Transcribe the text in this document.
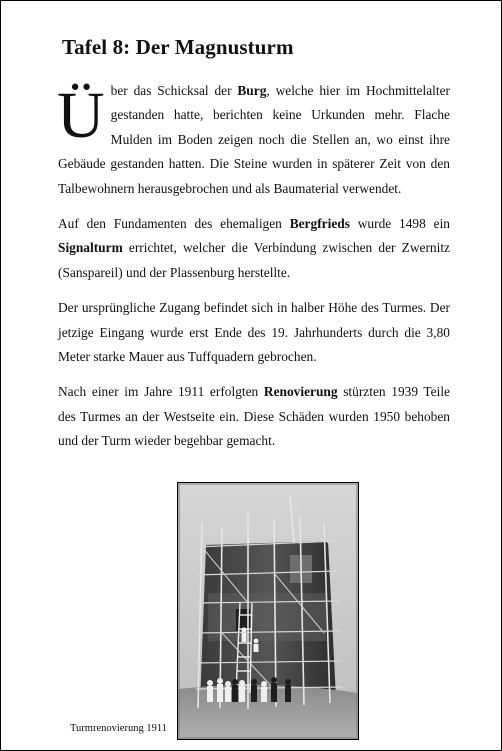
Tafel 8: Der Magnusturm

Über das Schicksal der Burg, welche hier im Hochmittelalter gestanden hatte, berichten keine Urkunden mehr. Flache Mulden im Boden zeigen noch die Stellen an, wo einst ihre Gebäude gestanden hatten. Die Steine wurden in späterer Zeit von den Talbewohnern herausgebrochen und als Baumaterial verwendet.

Auf den Fundamenten des ehemaligen Bergfrieds wurde 1498 ein Signalturm errichtet, welcher die Verbindung zwischen der Zwernitz (Sanspareil) und der Plassenburg herstellte.

Der ursprüngliche Zugang befindet sich in halber Höhe des Turmes. Der jetzige Eingang wurde erst Ende des 19. Jahrhunderts durch die 3,80 Meter starke Mauer aus Tuffquadern gebrochen.

Nach einer im Jahre 1911 erfolgten Renovierung stürzten 1939 Teile des Turmes an der Westseite ein. Diese Schäden wurden 1950 behoben und der Turm wieder begehbar gemacht.

Turmrenovierung 1911
